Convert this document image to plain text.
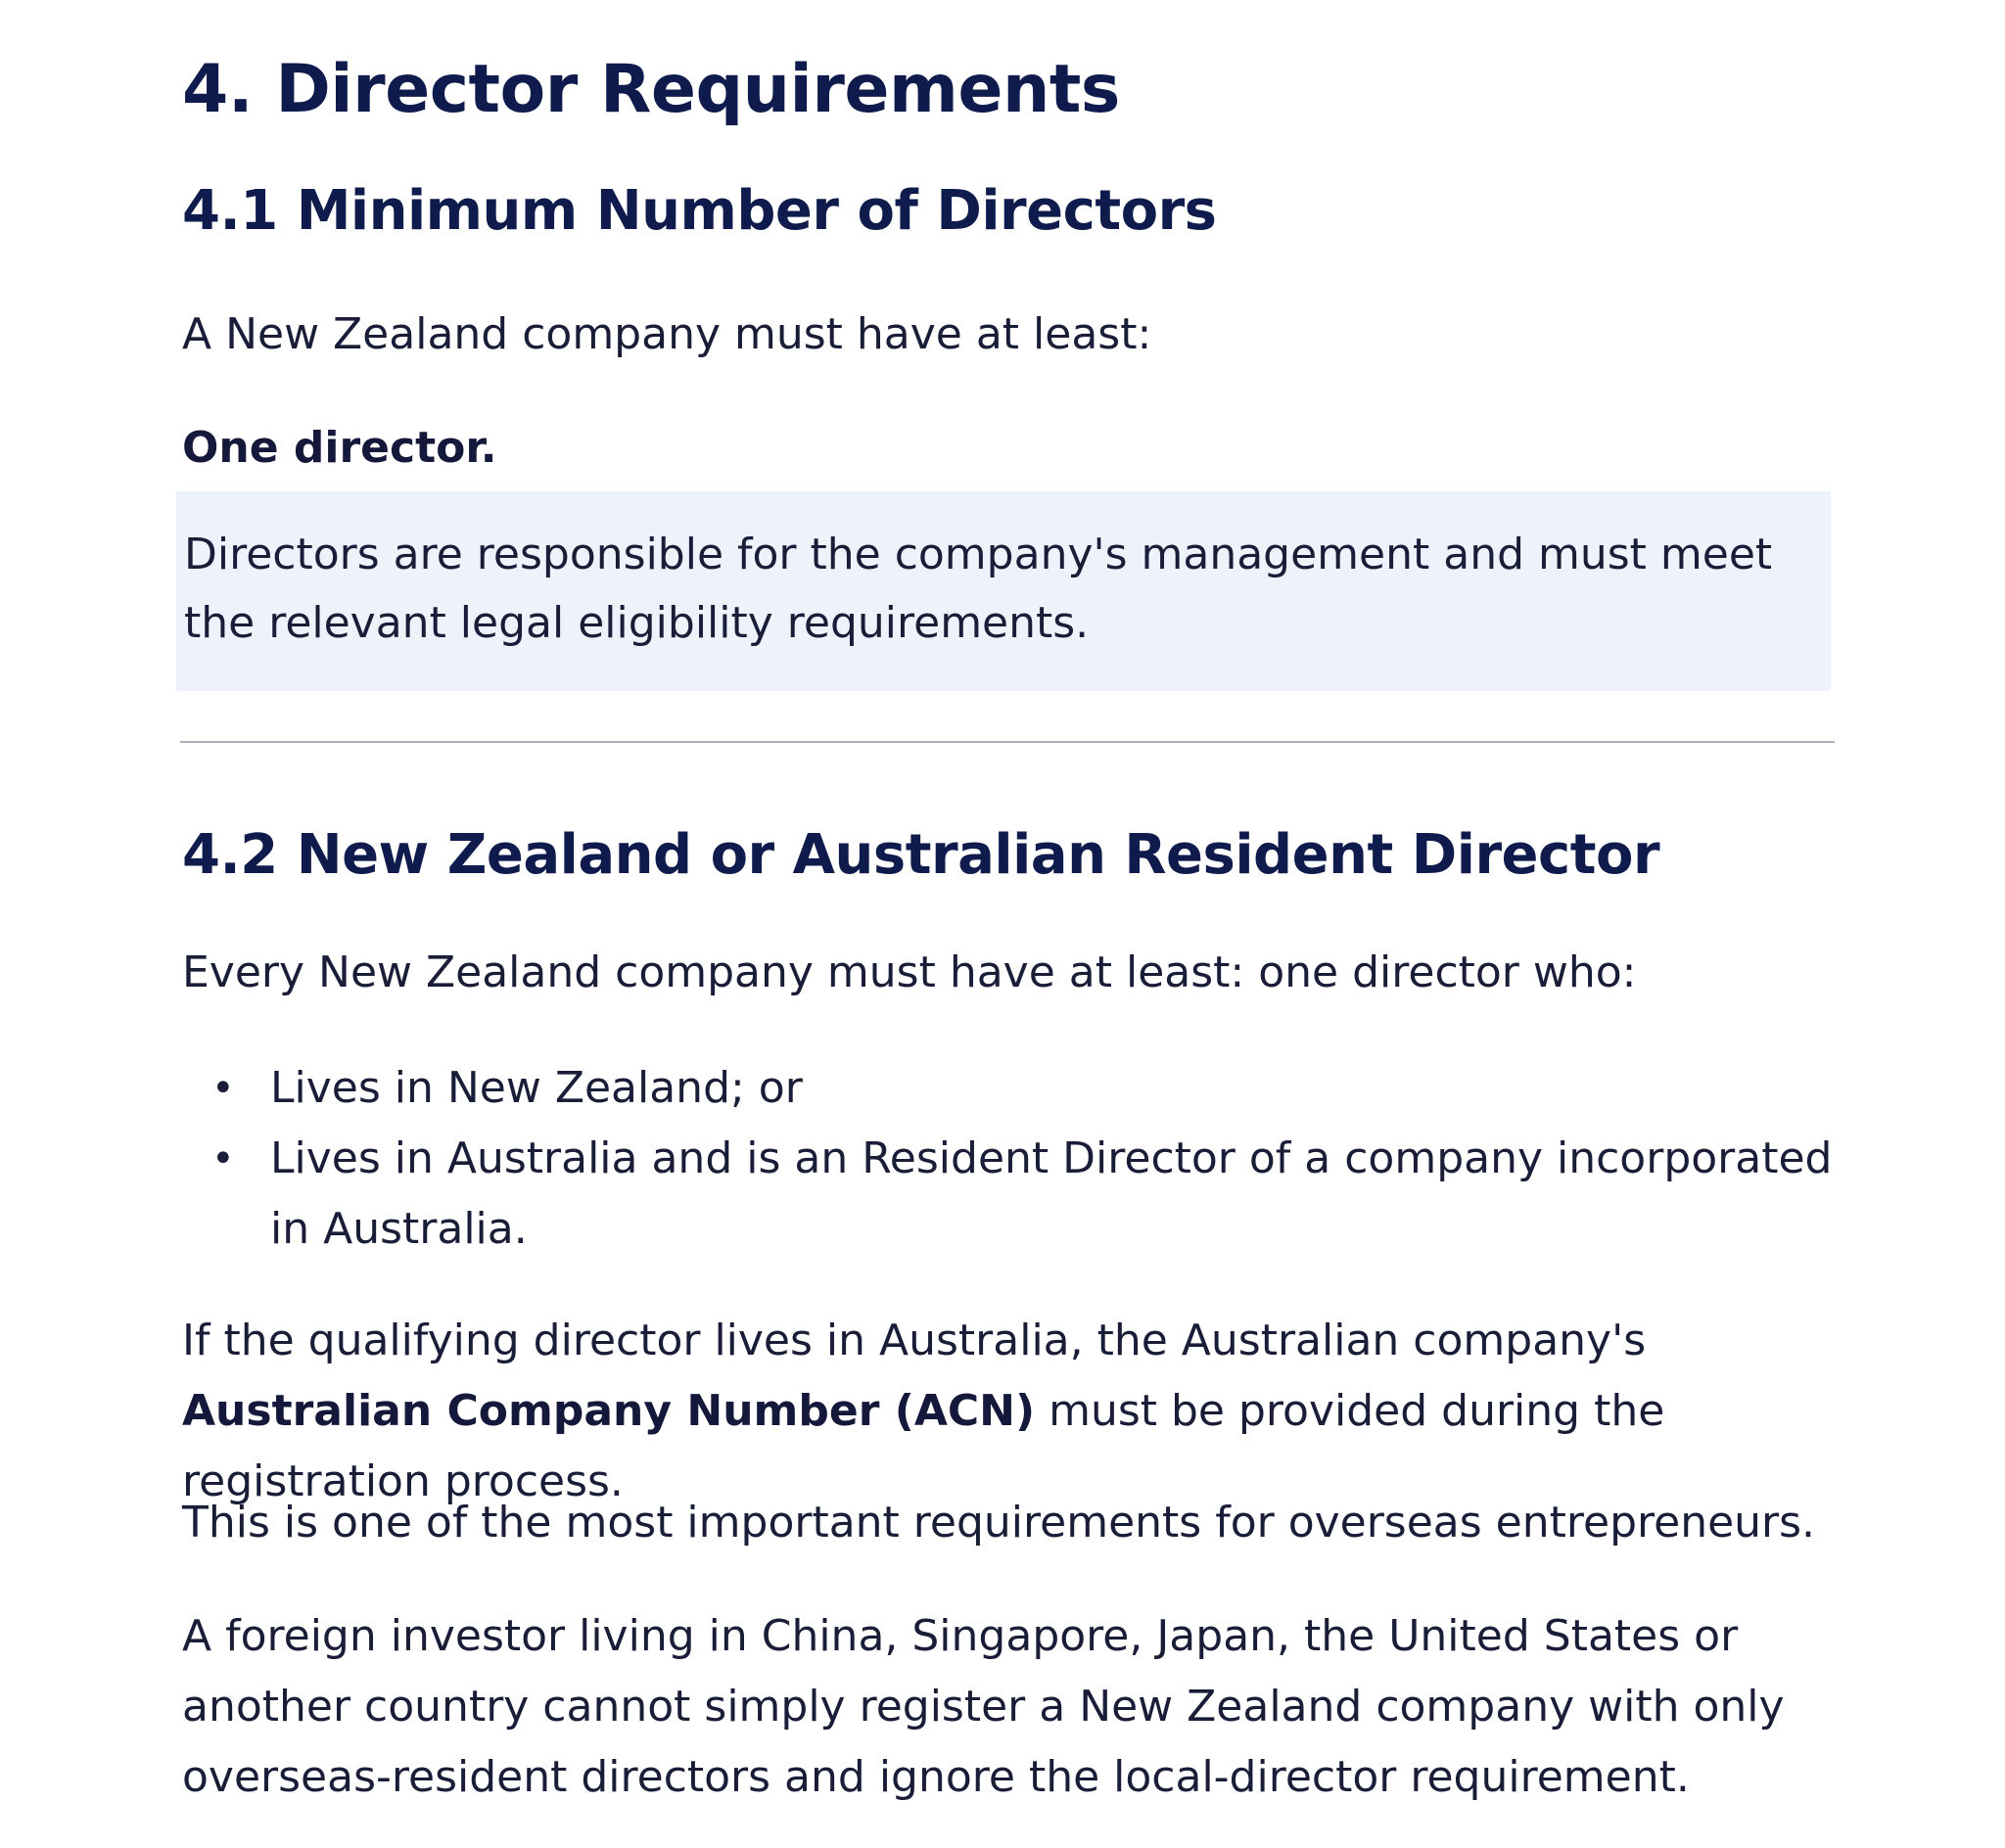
4. Director Requirements
4.1 Minimum Number of Directors

A New Zealand company must have at least:

One director.

Directors are responsible for the company's management and must meet the relevant legal eligibility requirements.

4.2 New Zealand or Australian Resident Director

Every New Zealand company must have at least: one director who:

• Lives in New Zealand; or
• Lives in Australia and is an Resident Director of a company incorporated in Australia.

If the qualifying director lives in Australia, the Australian company's Australian Company Number (ACN) must be provided during the registration process.

This is one of the most important requirements for overseas entrepreneurs.

A foreign investor living in China, Singapore, Japan, the United States or another country cannot simply register a New Zealand company with only overseas-resident directors and ignore the local-director requirement.
